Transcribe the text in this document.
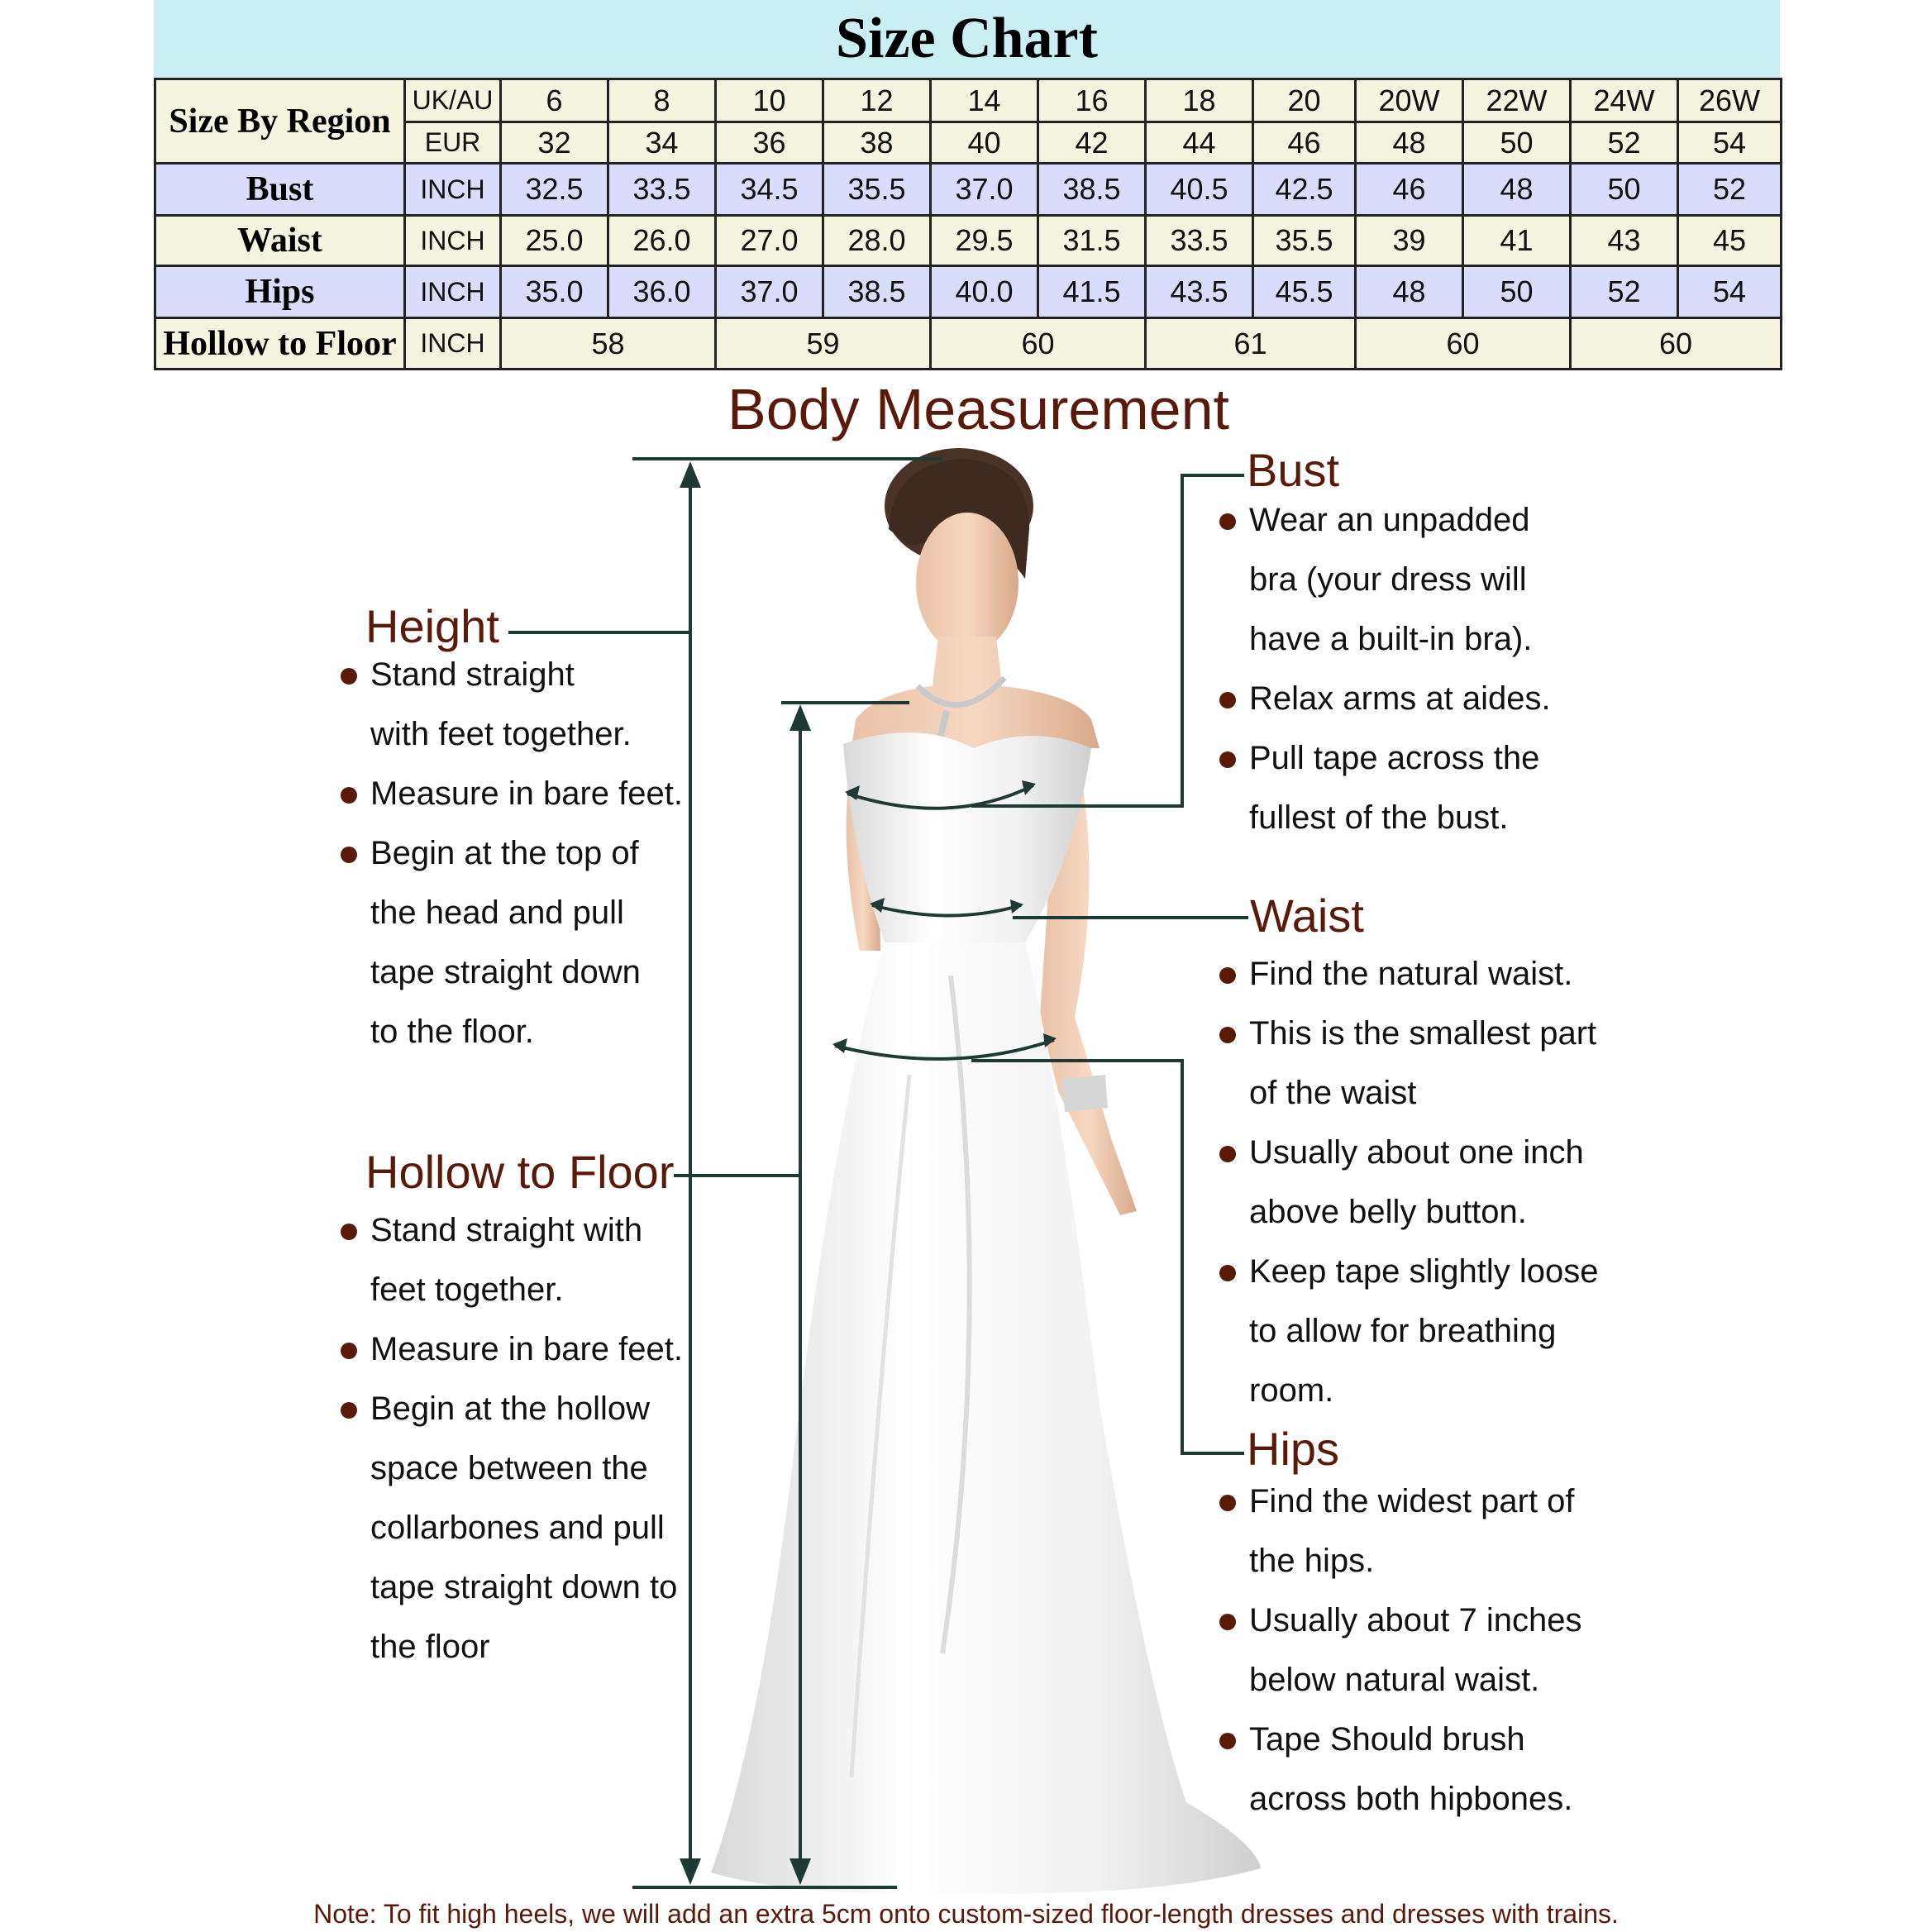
Size Chart
Size By Region	UK/AU	6	8	10	12	14	16	18	20	20W	22W	24W	26W
	EUR	32	34	36	38	40	42	44	46	48	50	52	54
Bust	INCH	32.5	33.5	34.5	35.5	37.0	38.5	40.5	42.5	46	48	50	52
Waist	INCH	25.0	26.0	27.0	28.0	29.5	31.5	33.5	35.5	39	41	43	45
Hips	INCH	35.0	36.0	37.0	38.5	40.0	41.5	43.5	45.5	48	50	52	54
Hollow to Floor	INCH	58		59		60		61		60		60	
Body Measurement
Height
Stand straight
with feet together.
Measure in bare feet.
Begin at the top of
the head and pull
tape straight down
to the floor.
Hollow to Floor
Stand straight with
feet together.
Measure in bare feet.
Begin at the hollow
space between the
collarbones and pull
tape straight down to
the floor
Bust
Wear an unpadded
bra (your dress will
have a built-in bra).
Relax arms at aides.
Pull tape across the
fullest of the bust.
Waist
Find the natural waist.
This is the smallest part
of the waist
Usually about one inch
above belly button.
Keep tape slightly loose
to allow for breathing
room.
Hips
Find the widest part of
the hips.
Usually about 7 inches
below natural waist.
Tape Should brush
across both hipbones.
Note: To fit high heels, we will add an extra 5cm onto custom-sized floor-length dresses and dresses with trains.
